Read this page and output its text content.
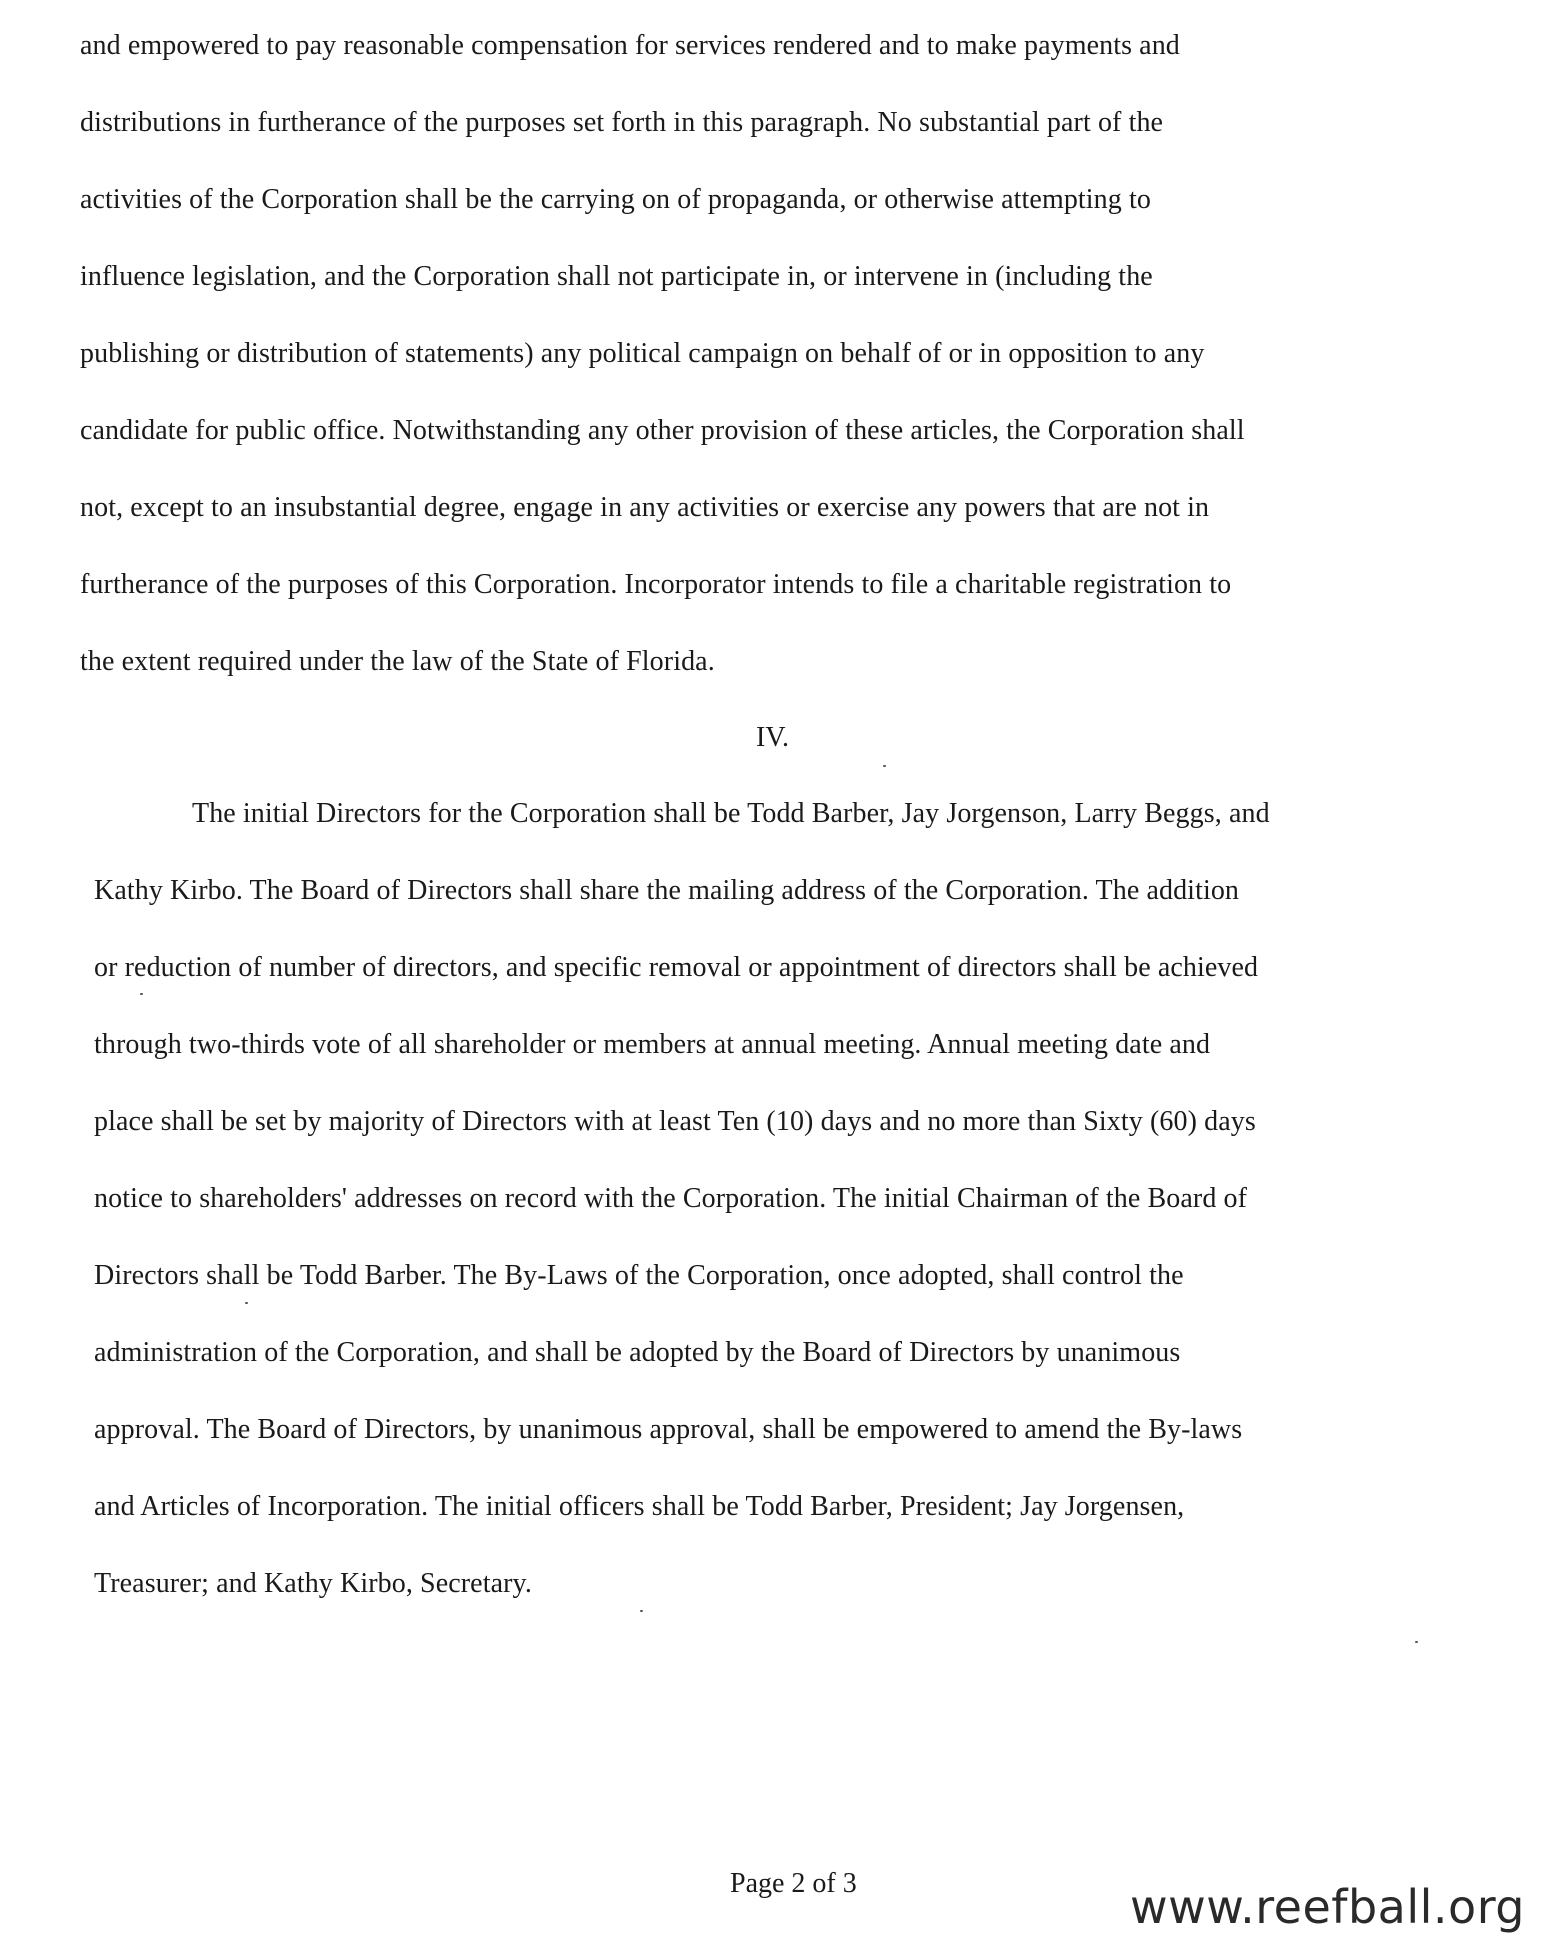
and empowered to pay reasonable compensation for services rendered and to make payments and
distributions in furtherance of the purposes set forth in this paragraph. No substantial part of the
activities of the Corporation shall be the carrying on of propaganda, or otherwise attempting to
influence legislation, and the Corporation shall not participate in, or intervene in (including the
publishing or distribution of statements) any political campaign on behalf of or in opposition to any
candidate for public office. Notwithstanding any other provision of these articles, the Corporation shall
not, except to an insubstantial degree, engage in any activities or exercise any powers that are not in
furtherance of the purposes of this Corporation. Incorporator intends to file a charitable registration to
the extent required under the law of the State of Florida.
IV.
The initial Directors for the Corporation shall be Todd Barber, Jay Jorgenson, Larry Beggs, and
Kathy Kirbo. The Board of Directors shall share the mailing address of the Corporation. The addition
or reduction of number of directors, and specific removal or appointment of directors shall be achieved
through two-thirds vote of all shareholder or members at annual meeting. Annual meeting date and
place shall be set by majority of Directors with at least Ten (10) days and no more than Sixty (60) days
notice to shareholders' addresses on record with the Corporation. The initial Chairman of the Board of
Directors shall be Todd Barber. The By-Laws of the Corporation, once adopted, shall control the
administration of the Corporation, and shall be adopted by the Board of Directors by unanimous
approval. The Board of Directors, by unanimous approval, shall be empowered to amend the By-laws
and Articles of Incorporation. The initial officers shall be Todd Barber, President; Jay Jorgensen,
Treasurer; and Kathy Kirbo, Secretary.
Page 2 of 3	www.reefball.org
